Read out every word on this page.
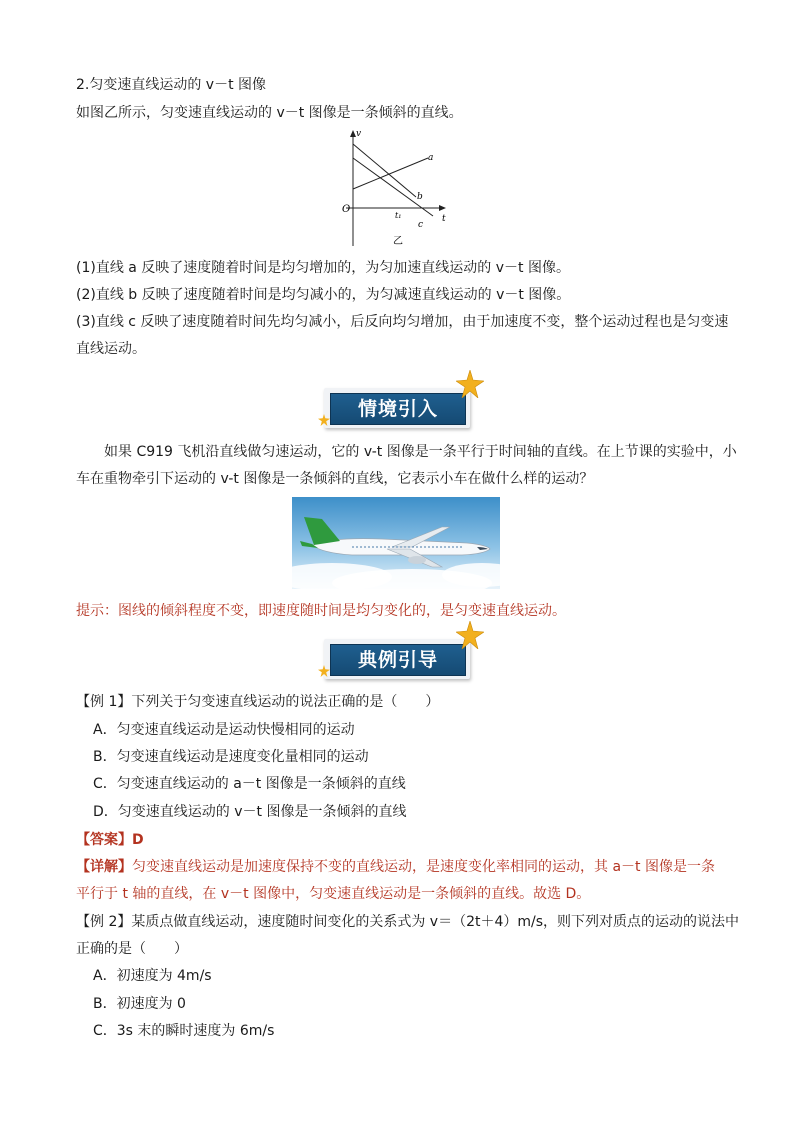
2.匀变速直线运动的 v－t 图像
如图乙所示，匀变速直线运动的 v－t 图像是一条倾斜的直线。
v
t
O
a
b
c
t₁
乙
(1)直线 a 反映了速度随着时间是均匀增加的，为匀加速直线运动的 v－t 图像。
(2)直线 b 反映了速度随着时间是均匀减小的，为匀减速直线运动的 v－t 图像。
(3)直线 c 反映了速度随着时间先均匀减小，后反向均匀增加，由于加速度不变，整个运动过程也是匀变速
直线运动。
情境引入
如果 C919 飞机沿直线做匀速运动，它的 v-t 图像是一条平行于时间轴的直线。在上节课的实验中，小
车在重物牵引下运动的 v-t 图像是一条倾斜的直线，它表示小车在做什么样的运动？
提示：图线的倾斜程度不变，即速度随时间是均匀变化的，是匀变速直线运动。
典例引导
【例 1】下列关于匀变速直线运动的说法正确的是（　　）
A．匀变速直线运动是运动快慢相同的运动
B．匀变速直线运动是速度变化量相同的运动
C．匀变速直线运动的 a－t 图像是一条倾斜的直线
D．匀变速直线运动的 v－t 图像是一条倾斜的直线
【答案】D
【详解】匀变速直线运动是加速度保持不变的直线运动，是速度变化率相同的运动，其 a－t 图像是一条
平行于 t 轴的直线，在 v－t 图像中，匀变速直线运动是一条倾斜的直线。故选 D。
【例 2】某质点做直线运动，速度随时间变化的关系式为 v＝（2t＋4）m/s，则下列对质点的运动的说法中
正确的是（　　）
A．初速度为 4m/s
B．初速度为 0
C．3s 末的瞬时速度为 6m/s
